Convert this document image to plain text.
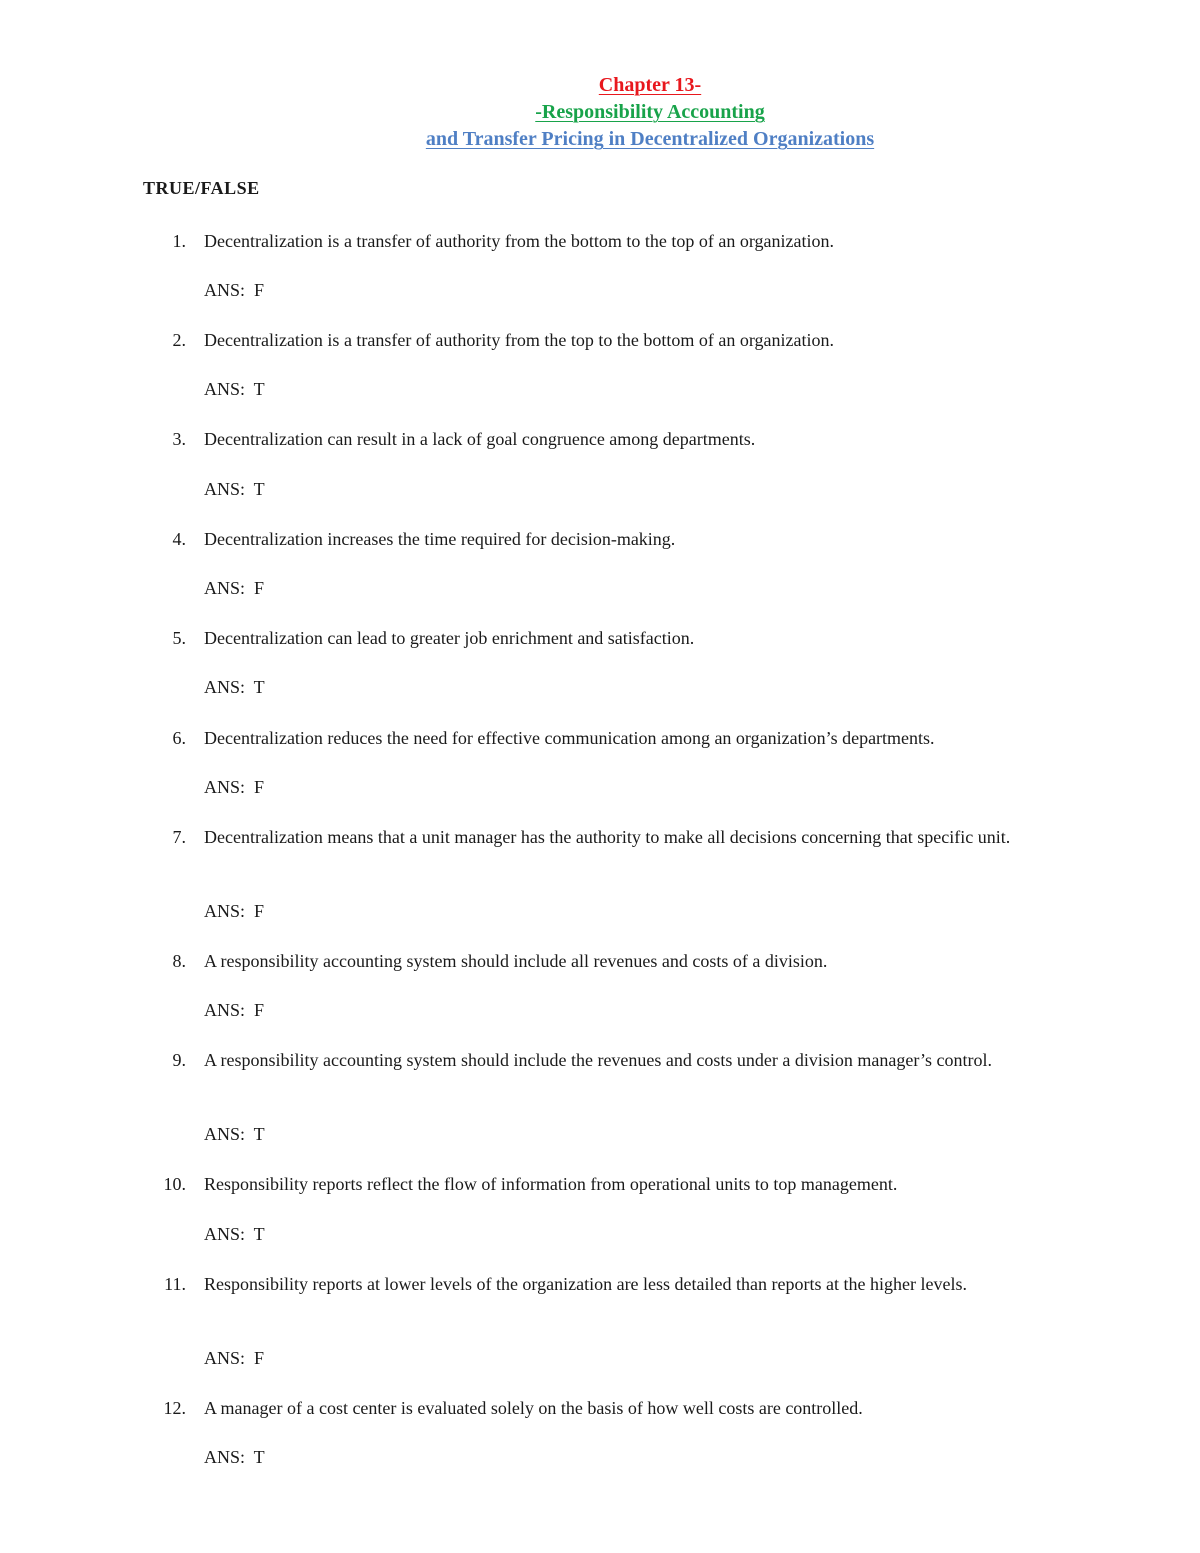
Chapter 13-
-Responsibility Accounting
and Transfer Pricing in Decentralized Organizations
TRUE/FALSE
1. Decentralization is a transfer of authority from the bottom to the top of an organization.
ANS:  F
2. Decentralization is a transfer of authority from the top to the bottom of an organization.
ANS:  T
3. Decentralization can result in a lack of goal congruence among departments.
ANS:  T
4. Decentralization increases the time required for decision-making.
ANS:  F
5. Decentralization can lead to greater job enrichment and satisfaction.
ANS:  T
6. Decentralization reduces the need for effective communication among an organization’s departments.
ANS:  F
7. Decentralization means that a unit manager has the authority to make all decisions concerning that specific unit.
ANS:  F
8. A responsibility accounting system should include all revenues and costs of a division.
ANS:  F
9. A responsibility accounting system should include the revenues and costs under a division manager’s control.
ANS:  T
10. Responsibility reports reflect the flow of information from operational units to top management.
ANS:  T
11. Responsibility reports at lower levels of the organization are less detailed than reports at the higher levels.
ANS:  F
12. A manager of a cost center is evaluated solely on the basis of how well costs are controlled.
ANS:  T
